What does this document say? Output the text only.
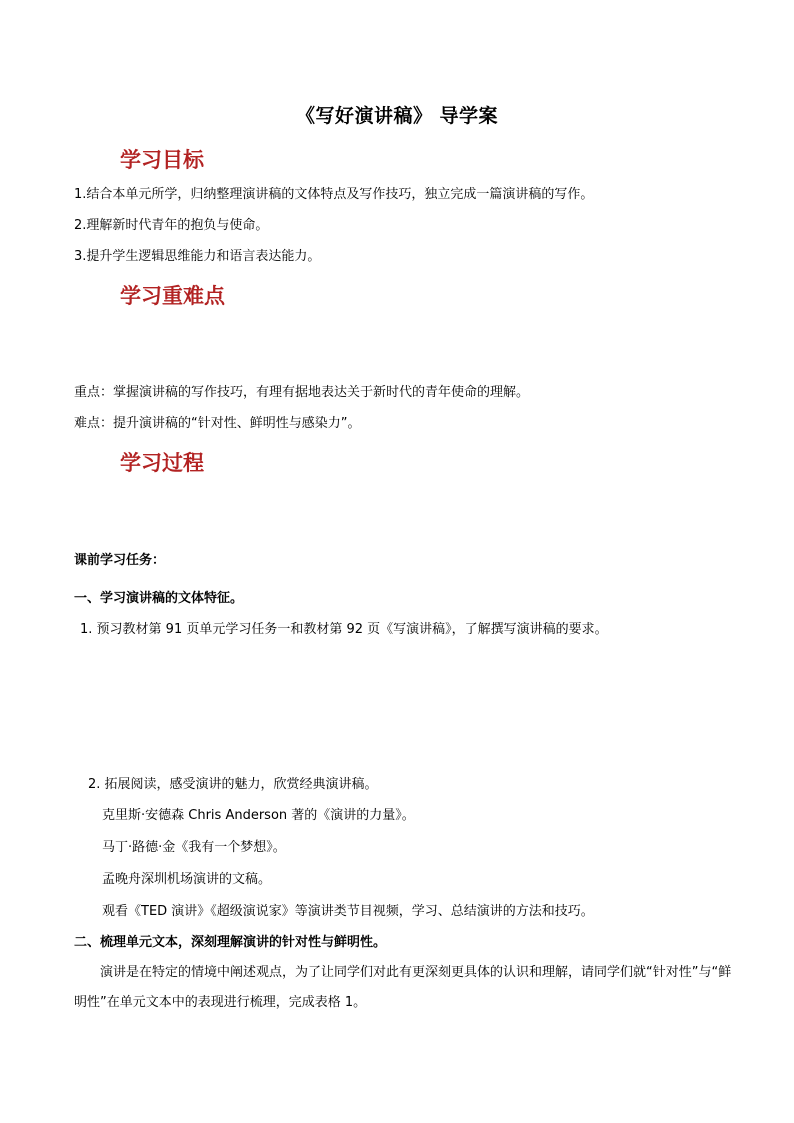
《写好演讲稿》 导学案
学习目标
1.结合本单元所学，归纳整理演讲稿的文体特点及写作技巧，独立完成一篇演讲稿的写作。
2.理解新时代青年的抱负与使命。
3.提升学生逻辑思维能力和语言表达能力。
学习重难点
重点：掌握演讲稿的写作技巧，有理有据地表达关于新时代的青年使命的理解。
难点：提升演讲稿的“针对性、鲜明性与感染力”。
学习过程
课前学习任务：
一、学习演讲稿的文体特征。
1. 预习教材第 91 页单元学习任务一和教材第 92 页《写演讲稿》，了解撰写演讲稿的要求。
2. 拓展阅读，感受演讲的魅力，欣赏经典演讲稿。
克里斯·安德森 Chris Anderson 著的《演讲的力量》。
马丁·路德·金《我有一个梦想》。
孟晚舟深圳机场演讲的文稿。
观看《TED 演讲》《超级演说家》等演讲类节目视频，学习、总结演讲的方法和技巧。
二、梳理单元文本，深刻理解演讲的针对性与鲜明性。
演讲是在特定的情境中阐述观点，为了让同学们对此有更深刻更具体的认识和理解，请同学们就“针对性”与“鲜明性”在单元文本中的表现进行梳理，完成表格 1。
